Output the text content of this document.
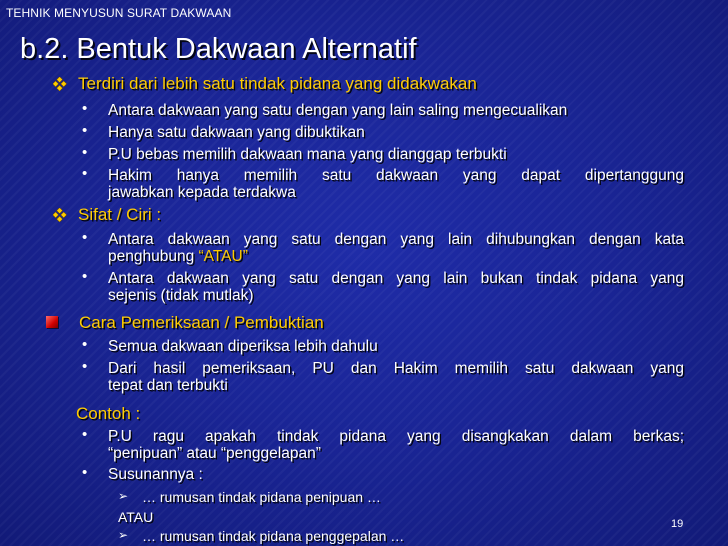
TEHNIK MENYUSUN SURAT DAKWAAN
b.2. Bentuk Dakwaan Alternatif
Terdiri dari lebih satu tindak pidana yang didakwakan
• Antara dakwaan yang satu dengan yang lain saling mengecualikan
• Hanya satu dakwaan yang dibuktikan
• P.U bebas memilih dakwaan mana yang dianggap terbukti
• Hakim hanya memilih satu dakwaan yang dapat dipertanggung
jawabkan kepada terdakwa
Sifat / Ciri :
• Antara dakwaan yang satu dengan yang lain dihubungkan dengan kata
penghubung “ATAU”
• Antara dakwaan yang satu dengan yang lain bukan tindak pidana yang
sejenis (tidak mutlak)
Cara Pemeriksaan / Pembuktian
• Semua dakwaan diperiksa lebih dahulu
• Dari hasil pemeriksaan, PU dan Hakim memilih satu dakwaan yang
tepat dan terbukti
Contoh :
• P.U ragu apakah tindak pidana yang disangkakan dalam berkas;
“penipuan” atau “penggelapan”
• Susunannya :
➢ … rumusan tindak pidana penipuan …
ATAU
➢ … rumusan tindak pidana penggepalan …
19
